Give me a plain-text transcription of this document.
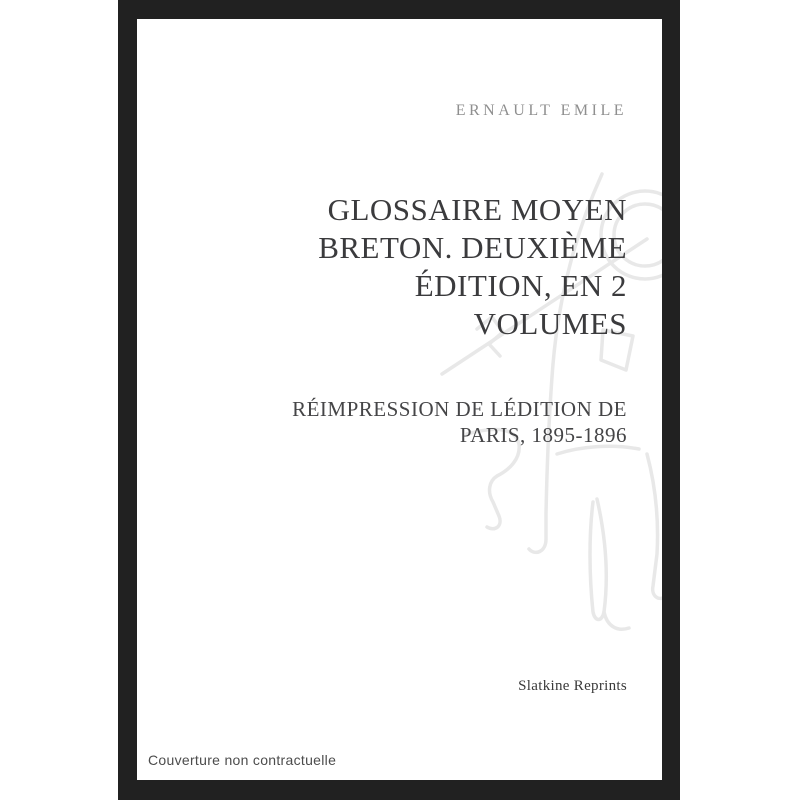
ERNAULT EMILE
GLOSSAIRE MOYEN
BRETON. DEUXIÈME
ÉDITION, EN 2
VOLUMES
RÉIMPRESSION DE LÉDITION DE
PARIS, 1895-1896
Slatkine Reprints
Couverture non contractuelle
